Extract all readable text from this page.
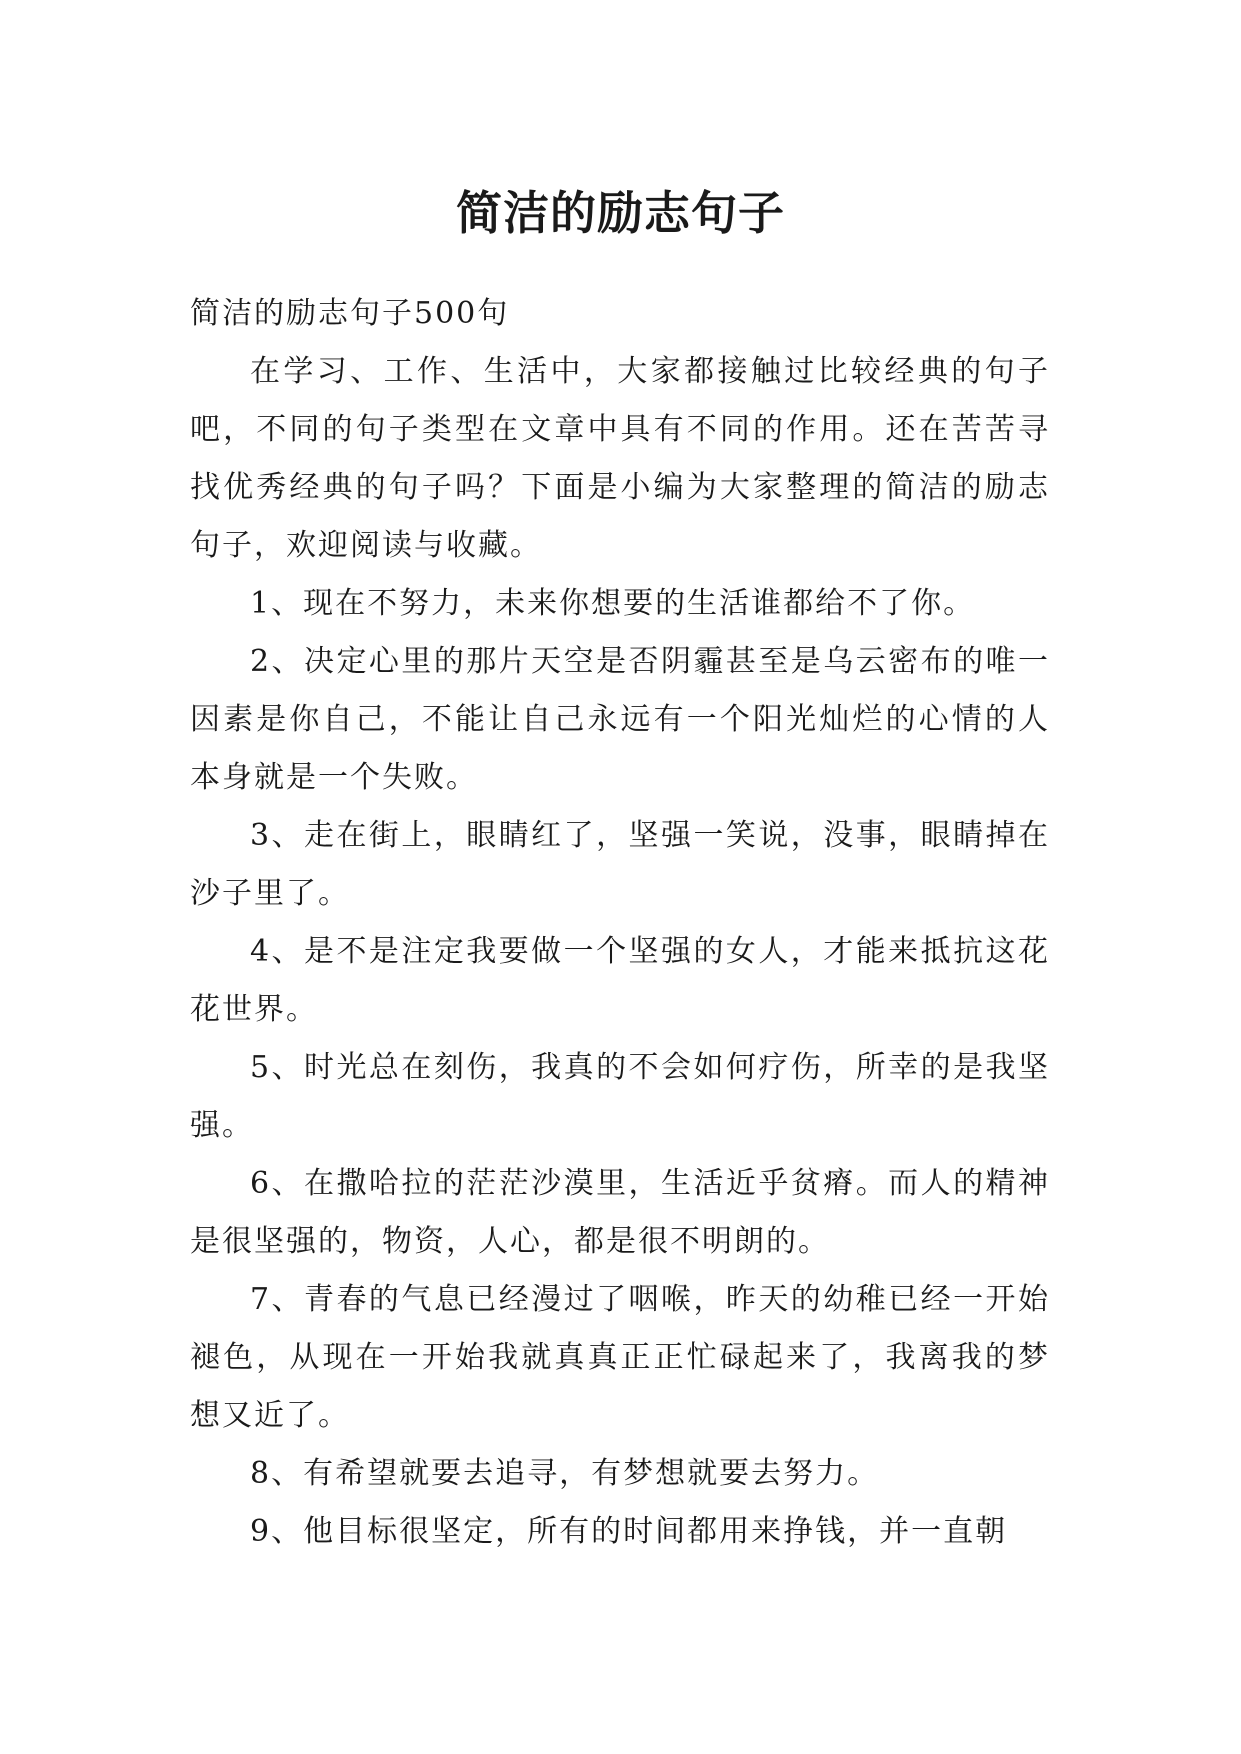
简洁的励志句子

简洁的励志句子500句

在学习、工作、生活中，大家都接触过比较经典的句子吧，不同的句子类型在文章中具有不同的作用。还在苦苦寻找优秀经典的句子吗？下面是小编为大家整理的简洁的励志句子，欢迎阅读与收藏。

1、现在不努力，未来你想要的生活谁都给不了你。

2、决定心里的那片天空是否阴霾甚至是乌云密布的唯一因素是你自己，不能让自己永远有一个阳光灿烂的心情的人本身就是一个失败。

3、走在街上，眼睛红了，坚强一笑说，没事，眼睛掉在沙子里了。

4、是不是注定我要做一个坚强的女人，才能来抵抗这花花世界。

5、时光总在刻伤，我真的不会如何疗伤，所幸的是我坚强。

6、在撒哈拉的茫茫沙漠里，生活近乎贫瘠。而人的精神是很坚强的，物资，人心，都是很不明朗的。

7、青春的气息已经漫过了咽喉，昨天的幼稚已经一开始褪色，从现在一开始我就真真正正忙碌起来了，我离我的梦想又近了。

8、有希望就要去追寻，有梦想就要去努力。

9、他目标很坚定，所有的时间都用来挣钱，并一直朝
